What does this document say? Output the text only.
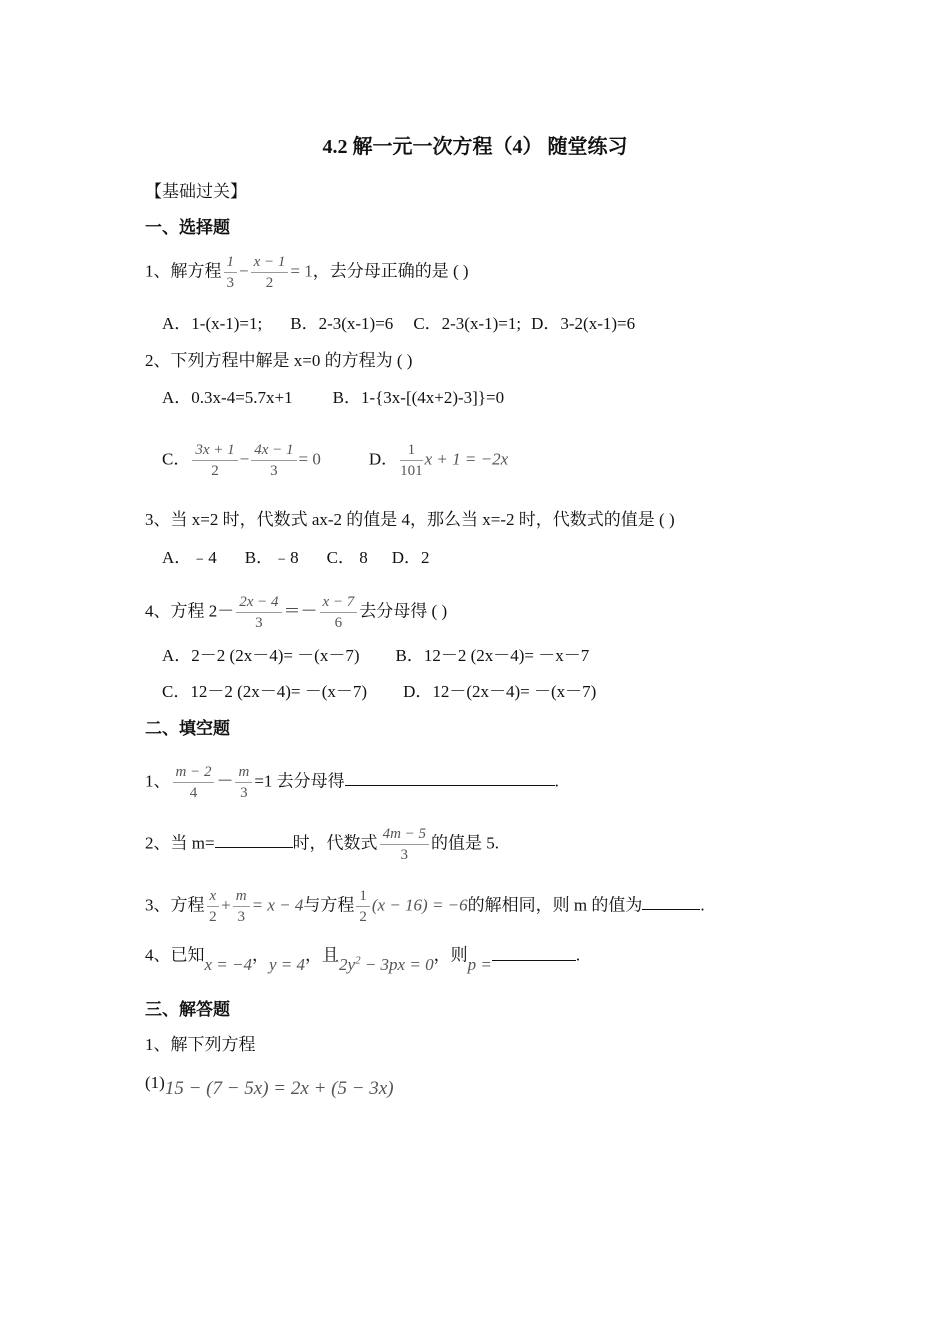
4.2 解一元一次方程（4） 随堂练习
【基础过关】
一、选择题
1、解方程 $\frac{1}{3} - \frac{x - 1}{2} = 1$，去分母正确的是 ( )
A．1-(x-1)=1; B．2-3(x-1)=6 C．2-3(x-1)=1; D．3-2(x-1)=6
2、下列方程中解是 x=0 的方程为 ( )
A．0.3x-4=5.7x+1 B．1-{3x-[(4x+2)-3]}=0
C． $\frac{3x + 1}{2} - \frac{4x - 1}{3} = 0$	D． $\frac{1}{101}$ x + 1 = −2x
3、当 x=2 时，代数式 ax-2 的值是 4，那么当 x=-2 时，代数式的值是 ( )
A．﹣4 B．﹣8 C． 8 D．2
4、方程 $2- \frac{2x - 4}{3} =- \frac{x - 7}{6}$ 去分母得 ( )
A．2－2 (2x－4)= －(x－7) B．12－2 (2x－4)= －x－7
C．12－2 (2x－4)= －(x－7) D．12－(2x－4)= －(x－7)
二、填空题
1、 $\frac{m - 2}{4} - \frac{m}{3} =1$ 去分母得	.
2、当 m=	时，代数式 $\frac{4m - 5}{3}$ 的值是 5.
3、方程 $\frac{x}{2} + \frac{m}{3} = x - 4$与方程 $\frac{1}{2} (x - 16) = -6$的解相同，则 m 的值为	.
4、已知x = −4，y = 4，且$2y^2 - 3px = 0$，则p =	.
三、解答题
1、解下列方程
(1)15 − (7 − 5x) = 2x + (5 − 3x)
